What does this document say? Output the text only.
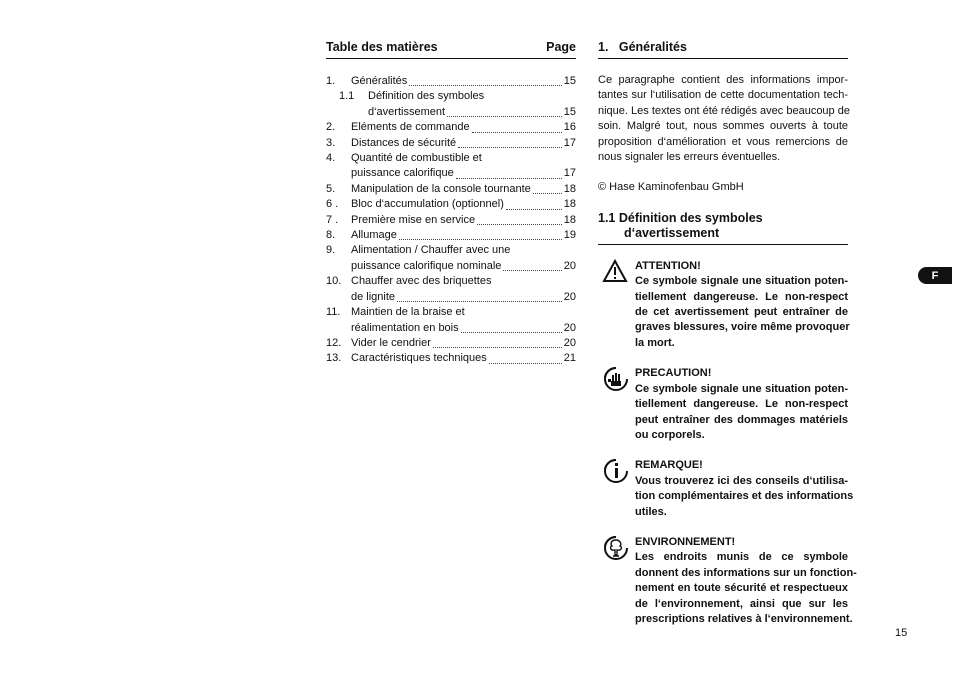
Table des matières	Page
1.	Généralités	15
1.1	Définition des symboles
d‘avertissement	15
2.	Eléments de commande	16
3.	Distances de sécurité	17
4.	Quantité de combustible et
puissance calorifique	17
5.	Manipulation de la console tournante	18
6 .	Bloc d‘accumulation (optionnel)	18
7 .	Première mise en service	18
8.	Allumage	19
9.	Alimentation / Chauffer avec une
puissance calorifique nominale	20
10. Chauffer avec des briquettes
de lignite	20
11. Maintien de la braise et
réalimentation en bois	20
12. Vider le cendrier	20
13. Caractéristiques techniques	21
1.   Généralités
Ce paragraphe contient des informations impor-
tantes sur l‘utilisation de cette documentation tech-
nique. Les textes ont été rédigés avec beaucoup de
soin. Malgré tout, nous sommes ouverts à toute
proposition d‘amélioration et vous remercions de
nous signaler les erreurs éventuelles.
© Hase Kaminofenbau GmbH
1.1 Définition des symboles
d‘avertissement
ATTENTION!
Ce symbole signale une situation poten-
tiellement dangereuse. Le non-respect
de cet avertissement peut entraîner de
graves blessures, voire même provoquer
la mort.
PRECAUTION!
Ce symbole signale une situation poten-
tiellement dangereuse. Le non-respect
peut entraîner des dommages matériels
ou corporels.
REMARQUE!
Vous trouverez ici des conseils d‘utilisa-
tion complémentaires et des informations
utiles.
ENVIRONNEMENT!
Les endroits munis de ce symbole
donnent des informations sur un fonction-
nement en toute sécurité et respectueux
de l‘environnement, ainsi que sur les
prescriptions relatives à l‘environnement.
F
15
